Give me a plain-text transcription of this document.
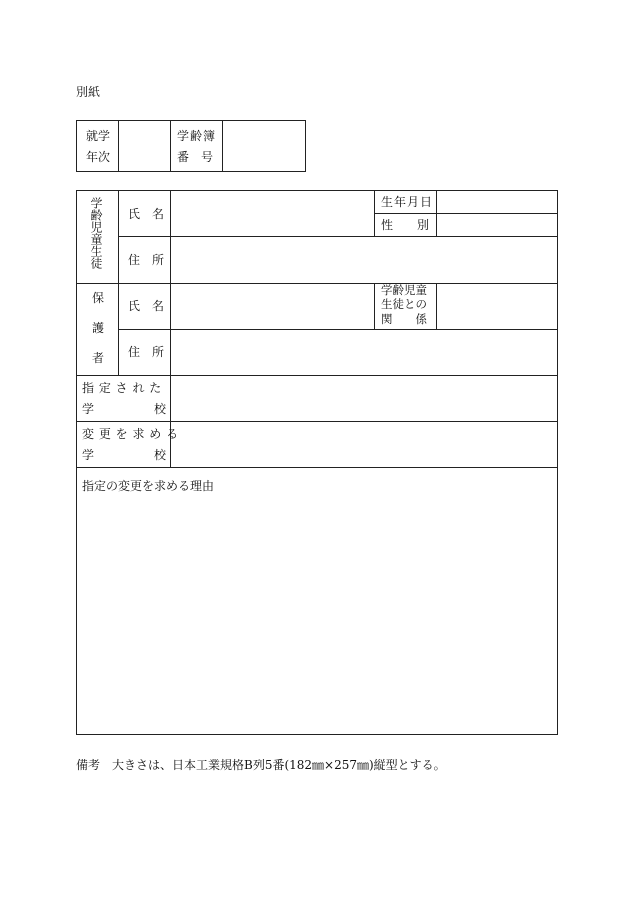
別紙
就学
年次
学齢簿
番　号
学齢児童生徒 氏　名
生年月日
性　　別
住　所
保
護
者
氏　名
学齢児童
生徒との
関　　係
住　所
指 定 さ れ た
学	校
変 更 を 求 め る
学	校
指定の変更を求める理由
備考　大きさは、日本工業規格B列5番(182㎜×257㎜)縦型とする。
